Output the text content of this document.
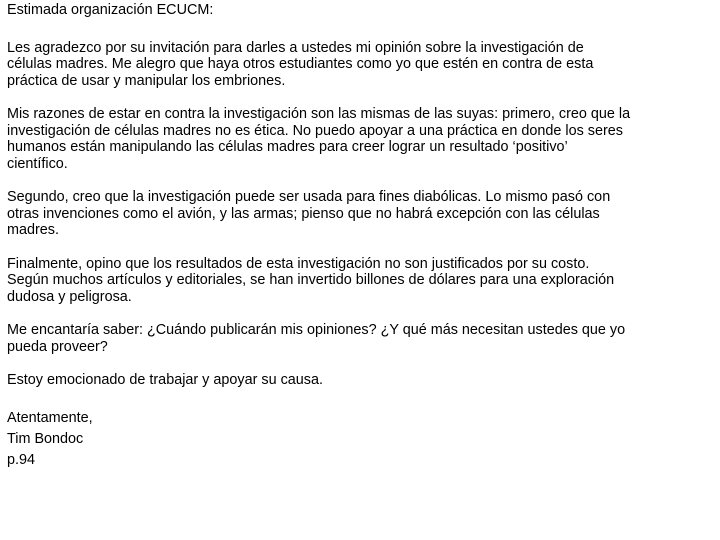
Estimada organización ECUCM:
Les agradezco por su invitación para darles a ustedes mi opinión sobre la investigación de
células madres. Me alegro que haya otros estudiantes como yo que estén en contra de esta
práctica de usar y manipular los embriones.
Mis razones de estar en contra la investigación son las mismas de las suyas: primero, creo que la
investigación de células madres no es ética. No puedo apoyar a una práctica en donde los seres
humanos están manipulando las células madres para creer lograr un resultado ‘positivo’
científico.
Segundo, creo que la investigación puede ser usada para fines diabólicas. Lo mismo pasó con
otras invenciones como el avión, y las armas; pienso que no habrá excepción con las células
madres.
Finalmente, opino que los resultados de esta investigación no son justificados por su costo.
Según muchos artículos y editoriales, se han invertido billones de dólares para una exploración
dudosa y peligrosa.
Me encantaría saber: ¿Cuándo publicarán mis opiniones? ¿Y qué más necesitan ustedes que yo
pueda proveer?
Estoy emocionado de trabajar y apoyar su causa.
Atentamente,
Tim Bondoc
p.94
